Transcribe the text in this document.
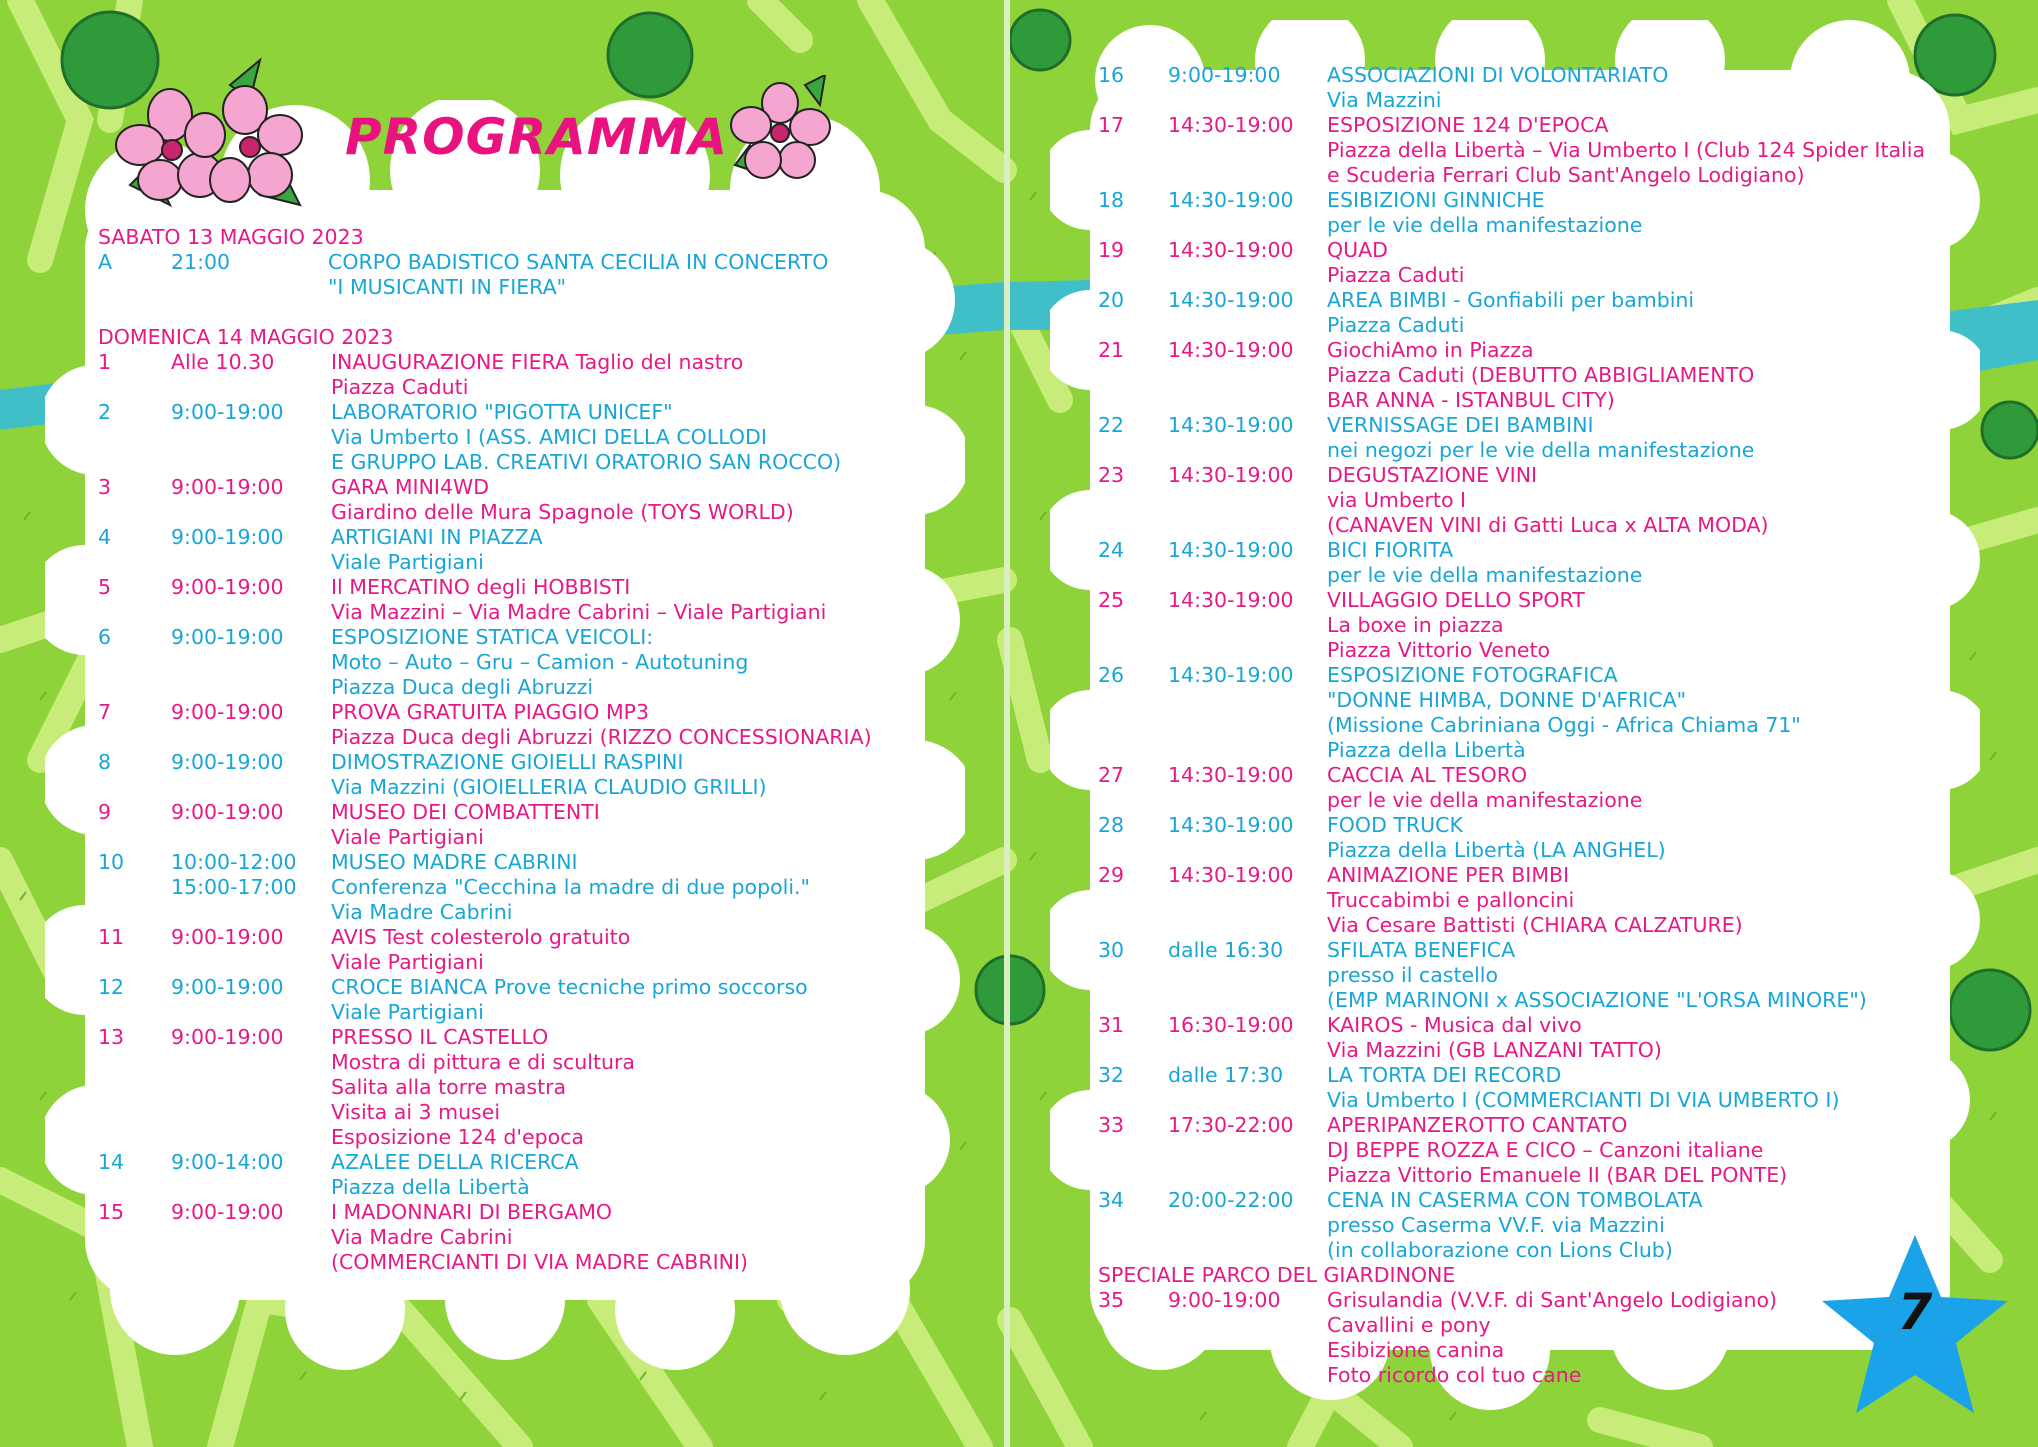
PROGRAMMA
SABATO 13 MAGGIO 2023
A	21:00	CORPO BADISTICO SANTA CECILIA IN CONCERTO
"I MUSICANTI IN FIERA"
DOMENICA 14 MAGGIO 2023
1	Alle 10.30	INAUGURAZIONE FIERA Taglio del nastro
Piazza Caduti
2	9:00-19:00 LABORATORIO "PIGOTTA UNICEF"
Via Umberto I (ASS. AMICI DELLA COLLODI
E GRUPPO LAB. CREATIVI ORATORIO SAN ROCCO)
3	9:00-19:00 GARA MINI4WD
Giardino delle Mura Spagnole (TOYS WORLD)
4	9:00-19:00 ARTIGIANI IN PIAZZA
Viale Partigiani
5	9:00-19:00 Il MERCATINO degli HOBBISTI
Via Mazzini – Via Madre Cabrini – Viale Partigiani
6	9:00-19:00 ESPOSIZIONE STATICA VEICOLI:
Moto – Auto – Gru – Camion - Autotuning
Piazza Duca degli Abruzzi
7	9:00-19:00 PROVA GRATUITA PIAGGIO MP3
Piazza Duca degli Abruzzi (RIZZO CONCESSIONARIA)
8	9:00-19:00 DIMOSTRAZIONE GIOIELLI RASPINI
Via Mazzini (GIOIELLERIA CLAUDIO GRILLI)
9	9:00-19:00 MUSEO DEI COMBATTENTI
Viale Partigiani
10 10:00-12:00 MUSEO MADRE CABRINI
15:00-17:00 Conferenza "Cecchina la madre di due popoli."
Via Madre Cabrini
11 9:00-19:00 AVIS Test colesterolo gratuito
Viale Partigiani
12 9:00-19:00 CROCE BIANCA Prove tecniche primo soccorso
Viale Partigiani
13 9:00-19:00 PRESSO IL CASTELLO
Mostra di pittura e di scultura
Salita alla torre mastra
Visita ai 3 musei
Esposizione 124 d'epoca
14 9:00-14:00 AZALEE DELLA RICERCA
Piazza della Libertà
15 9:00-19:00 I MADONNARI DI BERGAMO
Via Madre Cabrini
(COMMERCIANTI DI VIA MADRE CABRINI)
16 9:00-19:00 ASSOCIAZIONI DI VOLONTARIATO
Via Mazzini
17 14:30-19:00 ESPOSIZIONE 124 D'EPOCA
Piazza della Libertà – Via Umberto I (Club 124 Spider Italia
e Scuderia Ferrari Club Sant'Angelo Lodigiano)
18 14:30-19:00 ESIBIZIONI GINNICHE
per le vie della manifestazione
19 14:30-19:00 QUAD
Piazza Caduti
20 14:30-19:00 AREA BIMBI - Gonfiabili per bambini
Piazza Caduti
21 14:30-19:00 GiochiAmo in Piazza
Piazza Caduti (DEBUTTO ABBIGLIAMENTO
BAR ANNA - ISTANBUL CITY)
22 14:30-19:00 VERNISSAGE DEI BAMBINI
nei negozi per le vie della manifestazione
23 14:30-19:00 DEGUSTAZIONE VINI
via Umberto I
(CANAVEN VINI di Gatti Luca x ALTA MODA)
24 14:30-19:00 BICI FIORITA
per le vie della manifestazione
25 14:30-19:00 VILLAGGIO DELLO SPORT
La boxe in piazza
Piazza Vittorio Veneto
26 14:30-19:00 ESPOSIZIONE FOTOGRAFICA
"DONNE HIMBA, DONNE D'AFRICA"
(Missione Cabriniana Oggi - Africa Chiama 71"
Piazza della Libertà
27 14:30-19:00 CACCIA AL TESORO
per le vie della manifestazione
28 14:30-19:00 FOOD TRUCK
Piazza della Libertà (LA ANGHEL)
29 14:30-19:00 ANIMAZIONE PER BIMBI
Truccabimbi e palloncini
Via Cesare Battisti (CHIARA CALZATURE)
30 dalle 16:30 SFILATA BENEFICA
presso il castello
(EMP MARINONI x ASSOCIAZIONE "L'ORSA MINORE")
31 16:30-19:00 KAIROS - Musica dal vivo
Via Mazzini (GB LANZANI TATTO)
32 dalle 17:30 LA TORTA DEI RECORD
Via Umberto I (COMMERCIANTI DI VIA UMBERTO I)
33 17:30-22:00 APERIPANZEROTTO CANTATO
DJ BEPPE ROZZA E CICO – Canzoni italiane
Piazza Vittorio Emanuele II (BAR DEL PONTE)
34 20:00-22:00 CENA IN CASERMA CON TOMBOLATA
presso Caserma VV.F. via Mazzini
(in collaborazione con Lions Club)
SPECIALE PARCO DEL GIARDINONE
35 9:00-19:00 Grisulandia (V.V.F. di Sant'Angelo Lodigiano)
Cavallini e pony
Esibizione canina
Foto ricordo col tuo cane
7
